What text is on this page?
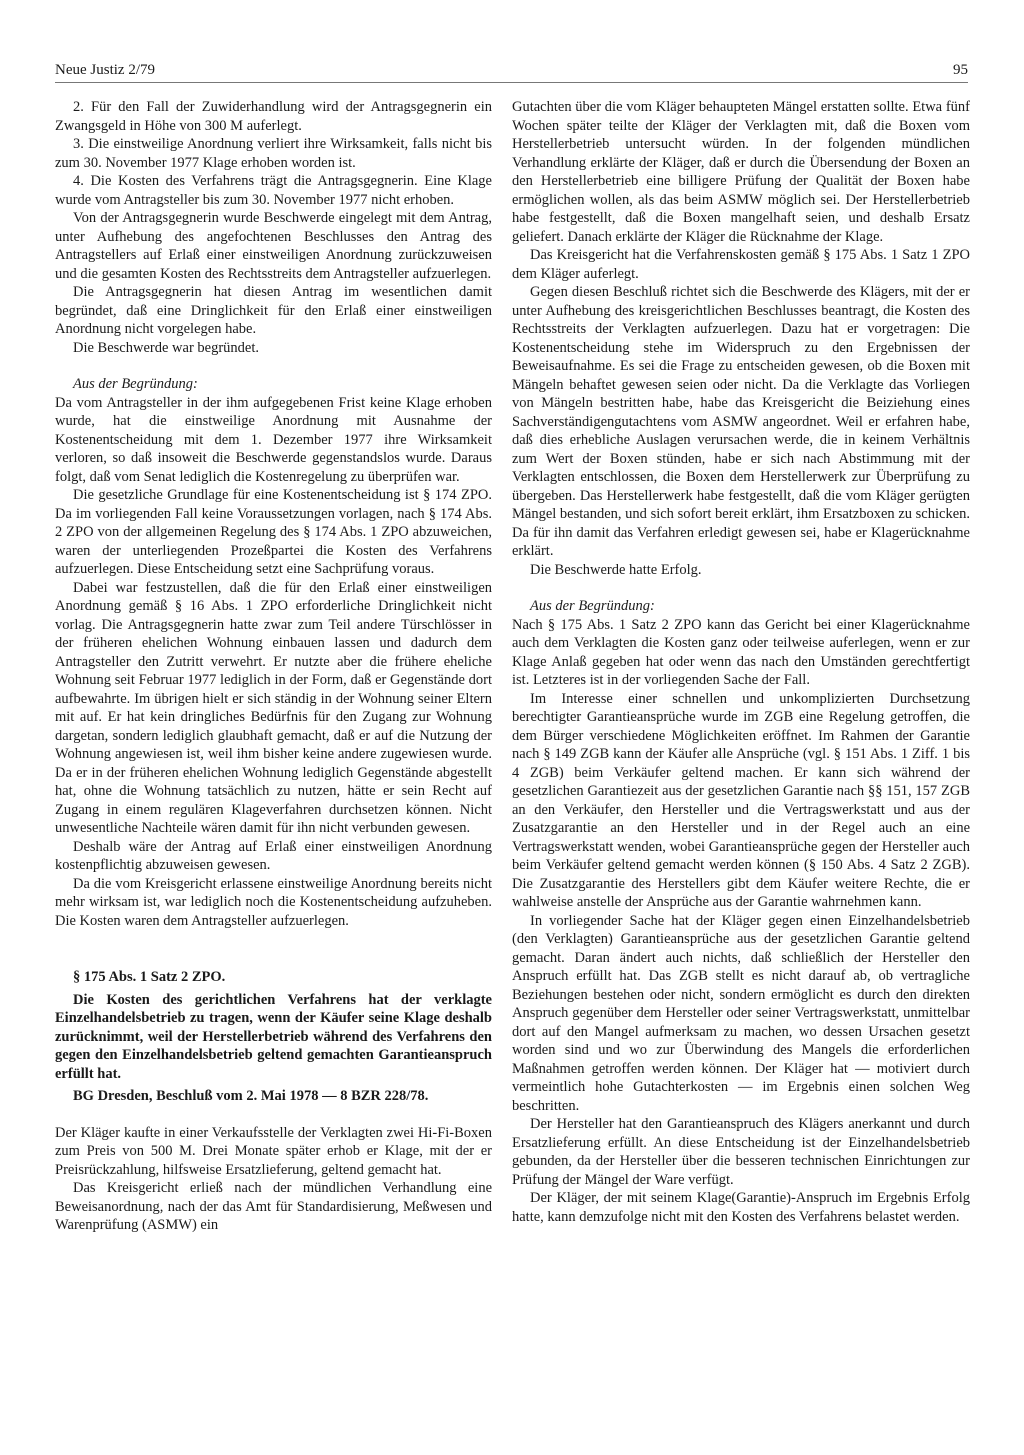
Neue Justiz 2/79	95

2. Für den Fall der Zuwiderhandlung wird der Antragsgegnerin ein Zwangsgeld in Höhe von 300 M auferlegt.

3. Die einstweilige Anordnung verliert ihre Wirksamkeit, falls nicht bis zum 30. November 1977 Klage erhoben worden ist.

4. Die Kosten des Verfahrens trägt die Antragsgegnerin. Eine Klage wurde vom Antragsteller bis zum 30. November 1977 nicht erhoben.

Von der Antragsgegnerin wurde Beschwerde eingelegt mit dem Antrag, unter Aufhebung des angefochtenen Beschlusses den Antrag des Antragstellers auf Erlaß einer einstweiligen Anordnung zurückzuweisen und die gesamten Kosten des Rechtsstreits dem Antragsteller aufzuerlegen.

Die Antragsgegnerin hat diesen Antrag im wesentlichen damit begründet, daß eine Dringlichkeit für den Erlaß einer einstweiligen Anordnung nicht vorgelegen habe.

Die Beschwerde war begründet.

Aus der Begründung:

Da vom Antragsteller in der ihm aufgegebenen Frist keine Klage erhoben wurde, hat die einstweilige Anordnung mit Ausnahme der Kostenentscheidung mit dem 1. Dezember 1977 ihre Wirksamkeit verloren, so daß insoweit die Beschwerde gegenstandslos wurde. Daraus folgt, daß vom Senat lediglich die Kostenregelung zu überprüfen war.

Die gesetzliche Grundlage für eine Kostenentscheidung ist § 174 ZPO. Da im vorliegenden Fall keine Voraussetzungen vorlagen, nach § 174 Abs. 2 ZPO von der allgemeinen Regelung des § 174 Abs. 1 ZPO abzuweichen, waren der unterliegenden Prozeßpartei die Kosten des Verfahrens aufzuerlegen. Diese Entscheidung setzt eine Sachprüfung voraus.

Dabei war festzustellen, daß die für den Erlaß einer einstweiligen Anordnung gemäß § 16 Abs. 1 ZPO erforderliche Dringlichkeit nicht vorlag. Die Antragsgegnerin hatte zwar zum Teil andere Türschlösser in der früheren ehelichen Wohnung einbauen lassen und dadurch dem Antragsteller den Zutritt verwehrt. Er nutzte aber die frühere eheliche Wohnung seit Februar 1977 lediglich in der Form, daß er Gegenstände dort aufbewahrte. Im übrigen hielt er sich ständig in der Wohnung seiner Eltern mit auf. Er hat kein dringliches Bedürfnis für den Zugang zur Wohnung dargetan, sondern lediglich glaubhaft gemacht, daß er auf die Nutzung der Wohnung angewiesen ist, weil ihm bisher keine andere zugewiesen wurde. Da er in der früheren ehelichen Wohnung lediglich Gegenstände abgestellt hat, ohne die Wohnung tatsächlich zu nutzen, hätte er sein Recht auf Zugang in einem regulären Klageverfahren durchsetzen können. Nicht unwesentliche Nachteile wären damit für ihn nicht verbunden gewesen.

Deshalb wäre der Antrag auf Erlaß einer einstweiligen Anordnung kostenpflichtig abzuweisen gewesen.

Da die vom Kreisgericht erlassene einstweilige Anordnung bereits nicht mehr wirksam ist, war lediglich noch die Kostenentscheidung aufzuheben. Die Kosten waren dem Antragsteller aufzuerlegen.

§ 175 Abs. 1 Satz 2 ZPO.

Die Kosten des gerichtlichen Verfahrens hat der verklagte Einzelhandelsbetrieb zu tragen, wenn der Käufer seine Klage deshalb zurücknimmt, weil der Herstellerbetrieb während des Verfahrens den gegen den Einzelhandelsbetrieb geltend gemachten Garantieanspruch erfüllt hat.

BG Dresden, Beschluß vom 2. Mai 1978 — 8 BZR 228/78.

Der Kläger kaufte in einer Verkaufsstelle der Verklagten zwei Hi-Fi-Boxen zum Preis von 500 M. Drei Monate später erhob er Klage, mit der er Preisrückzahlung, hilfsweise Ersatzlieferung, geltend gemacht hat.

Das Kreisgericht erließ nach der mündlichen Verhandlung eine Beweisanordnung, nach der das Amt für Standardisierung, Meßwesen und Warenprüfung (ASMW) ein

Gutachten über die vom Kläger behaupteten Mängel erstatten sollte. Etwa fünf Wochen später teilte der Kläger der Verklagten mit, daß die Boxen vom Herstellerbetrieb untersucht würden. In der folgenden mündlichen Verhandlung erklärte der Kläger, daß er durch die Übersendung der Boxen an den Herstellerbetrieb eine billigere Prüfung der Qualität der Boxen habe ermöglichen wollen, als das beim ASMW möglich sei. Der Herstellerbetrieb habe festgestellt, daß die Boxen mangelhaft seien, und deshalb Ersatz geliefert. Danach erklärte der Kläger die Rücknahme der Klage.

Das Kreisgericht hat die Verfahrenskosten gemäß § 175 Abs. 1 Satz 1 ZPO dem Kläger auferlegt.

Gegen diesen Beschluß richtet sich die Beschwerde des Klägers, mit der er unter Aufhebung des kreisgerichtlichen Beschlusses beantragt, die Kosten des Rechtsstreits der Verklagten aufzuerlegen. Dazu hat er vorgetragen: Die Kostenentscheidung stehe im Widerspruch zu den Ergebnissen der Beweisaufnahme. Es sei die Frage zu entscheiden gewesen, ob die Boxen mit Mängeln behaftet gewesen seien oder nicht. Da die Verklagte das Vorliegen von Mängeln bestritten habe, habe das Kreisgericht die Beiziehung eines Sachverständigengutachtens vom ASMW angeordnet. Weil er erfahren habe, daß dies erhebliche Auslagen verursachen werde, die in keinem Verhältnis zum Wert der Boxen stünden, habe er sich nach Abstimmung mit der Verklagten entschlossen, die Boxen dem Herstellerwerk zur Überprüfung zu übergeben. Das Herstellerwerk habe festgestellt, daß die vom Kläger gerügten Mängel bestanden, und sich sofort bereit erklärt, ihm Ersatzboxen zu schicken. Da für ihn damit das Verfahren erledigt gewesen sei, habe er Klagerücknahme erklärt.

Die Beschwerde hatte Erfolg.

Aus der Begründung:

Nach § 175 Abs. 1 Satz 2 ZPO kann das Gericht bei einer Klagerücknahme auch dem Verklagten die Kosten ganz oder teilweise auferlegen, wenn er zur Klage Anlaß gegeben hat oder wenn das nach den Umständen gerechtfertigt ist. Letzteres ist in der vorliegenden Sache der Fall.

Im Interesse einer schnellen und unkomplizierten Durchsetzung berechtigter Garantieansprüche wurde im ZGB eine Regelung getroffen, die dem Bürger verschiedene Möglichkeiten eröffnet. Im Rahmen der Garantie nach § 149 ZGB kann der Käufer alle Ansprüche (vgl. § 151 Abs. 1 Ziff. 1 bis 4 ZGB) beim Verkäufer geltend machen. Er kann sich während der gesetzlichen Garantiezeit aus der gesetzlichen Garantie nach §§ 151, 157 ZGB an den Verkäufer, den Hersteller und die Vertragswerkstatt und aus der Zusatzgarantie an den Hersteller und in der Regel auch an eine Vertragswerkstatt wenden, wobei Garantieansprüche gegen der Hersteller auch beim Verkäufer geltend gemacht werden können (§ 150 Abs. 4 Satz 2 ZGB). Die Zusatzgarantie des Herstellers gibt dem Käufer weitere Rechte, die er wahlweise anstelle der Ansprüche aus der Garantie wahrnehmen kann.

In vorliegender Sache hat der Kläger gegen einen Einzelhandelsbetrieb (den Verklagten) Garantieansprüche aus der gesetzlichen Garantie geltend gemacht. Daran ändert auch nichts, daß schließlich der Hersteller den Anspruch erfüllt hat. Das ZGB stellt es nicht darauf ab, ob vertragliche Beziehungen bestehen oder nicht, sondern ermöglicht es durch den direkten Anspruch gegenüber dem Hersteller oder seiner Vertragswerkstatt, unmittelbar dort auf den Mangel aufmerksam zu machen, wo dessen Ursachen gesetzt worden sind und wo zur Überwindung des Mangels die erforderlichen Maßnahmen getroffen werden können. Der Kläger hat — motiviert durch vermeintlich hohe Gutachterkosten — im Ergebnis einen solchen Weg beschritten.

Der Hersteller hat den Garantieanspruch des Klägers anerkannt und durch Ersatzlieferung erfüllt. An diese Entscheidung ist der Einzelhandelsbetrieb gebunden, da der Hersteller über die besseren technischen Einrichtungen zur Prüfung der Mängel der Ware verfügt.

Der Kläger, der mit seinem Klage(Garantie)-Anspruch im Ergebnis Erfolg hatte, kann demzufolge nicht mit den Kosten des Verfahrens belastet werden.
